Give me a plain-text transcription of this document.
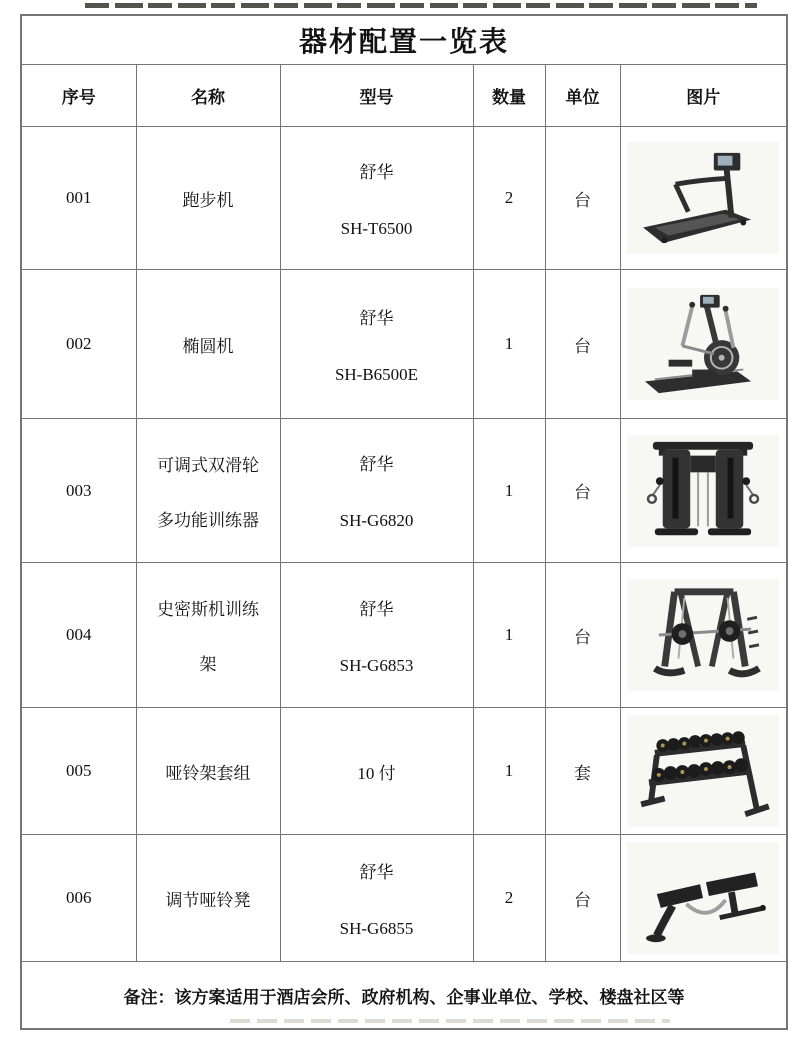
器材配置一览表					
序号	名称	型号	数量	单位	图片
001	跑步机	舒华
SH-T6500	2	台	

002	椭圆机	舒华
SH-B6500E	1	台	

003	可调式双滑轮
多功能训练器	舒华
SH-G6820	1	台	

004	史密斯机训练
架	舒华
SH-G6853	1	台	

005	哑铃架套组	10 付	1	套	

006	调节哑铃凳	舒华
SH-G6855	2	台	

备注：该方案适用于酒店会所、政府机构、企事业单位、学校、楼盘社区等					
